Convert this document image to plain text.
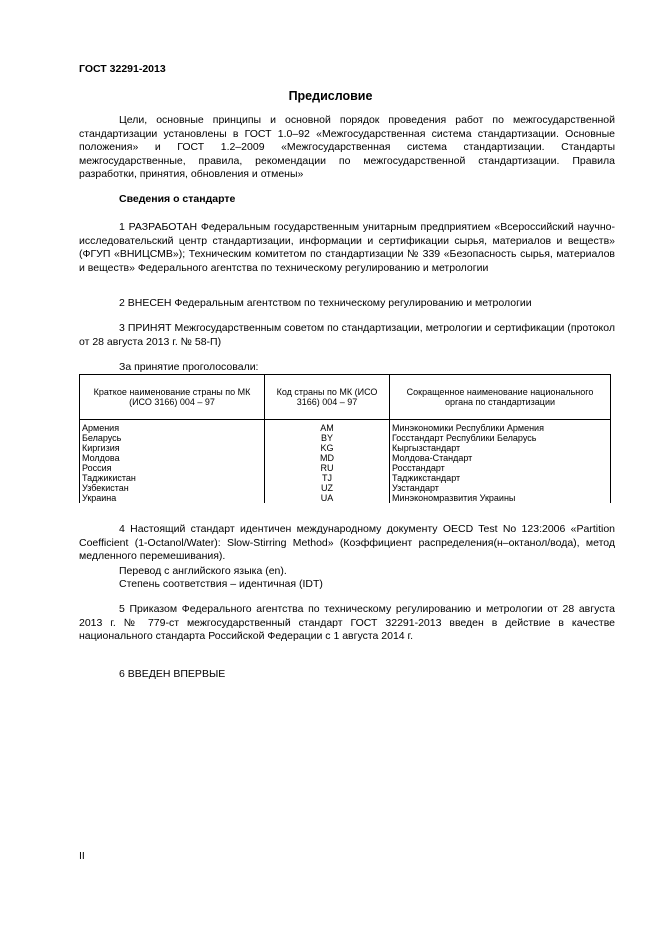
ГОСТ 32291-2013
Предисловие

Цели, основные принципы и основной порядок проведения работ по межгосударственной стандартизации установлены в ГОСТ 1.0–92 «Межгосударственная система стандартизации. Основные положения» и ГОСТ 1.2–2009 «Межгосударственная система стандартизации. Стандарты межгосударственные, правила, рекомендации по межгосударственной стандартизации. Правила разработки, принятия, обновления и отмены»

Сведения о стандарте

1 РАЗРАБОТАН Федеральным государственным унитарным предприятием «Всероссийский научно-исследовательский центр стандартизации, информации и сертификации сырья, материалов и веществ» (ФГУП «ВНИЦСМВ»); Техническим комитетом по стандартизации № 339 «Безопасность сырья, материалов и веществ» Федерального агентства по техническому регулированию и метрологии

2 ВНЕСЕН Федеральным агентством по техническому регулированию и метрологии

3 ПРИНЯТ Межгосударственным советом по стандартизации, метрологии и сертификации (протокол от 28 августа 2013 г. № 58-П)

За принятие проголосовали:
Краткое наименование страны по МК (ИСО 3166) 004 – 97	Код страны по МК (ИСО 3166) 004 – 97	Сокращенное наименование национального органа по стандартизации
Армения	AM	Минэкономики Республики Армения
Беларусь	BY	Госстандарт Республики Беларусь
Киргизия	KG	Кыргызстандарт
Молдова	MD	Молдова-Стандарт
Россия	RU	Росстандарт
Таджикистан	TJ	Таджикстандарт
Узбекистан	UZ	Узстандарт
Украина	UA	Минэкономразвития Украины

4 Настоящий стандарт идентичен международному документу OECD Test No 123:2006 «Partition Coefficient (1-Octanol/Water): Slow-Stirring Method» (Коэффициент распределения(н–октанол/вода), метод медленного перемешивания).

Перевод с английского языка (en).
Степень соответствия – идентичная (IDT)

5 Приказом Федерального агентства по техническому регулированию и метрологии от 28 августа 2013 г. № 779-ст межгосударственный стандарт ГОСТ 32291-2013 введен в действие в качестве национального стандарта Российской Федерации с 1 августа 2014 г.

6 ВВЕДЕН ВПЕРВЫЕ
II
